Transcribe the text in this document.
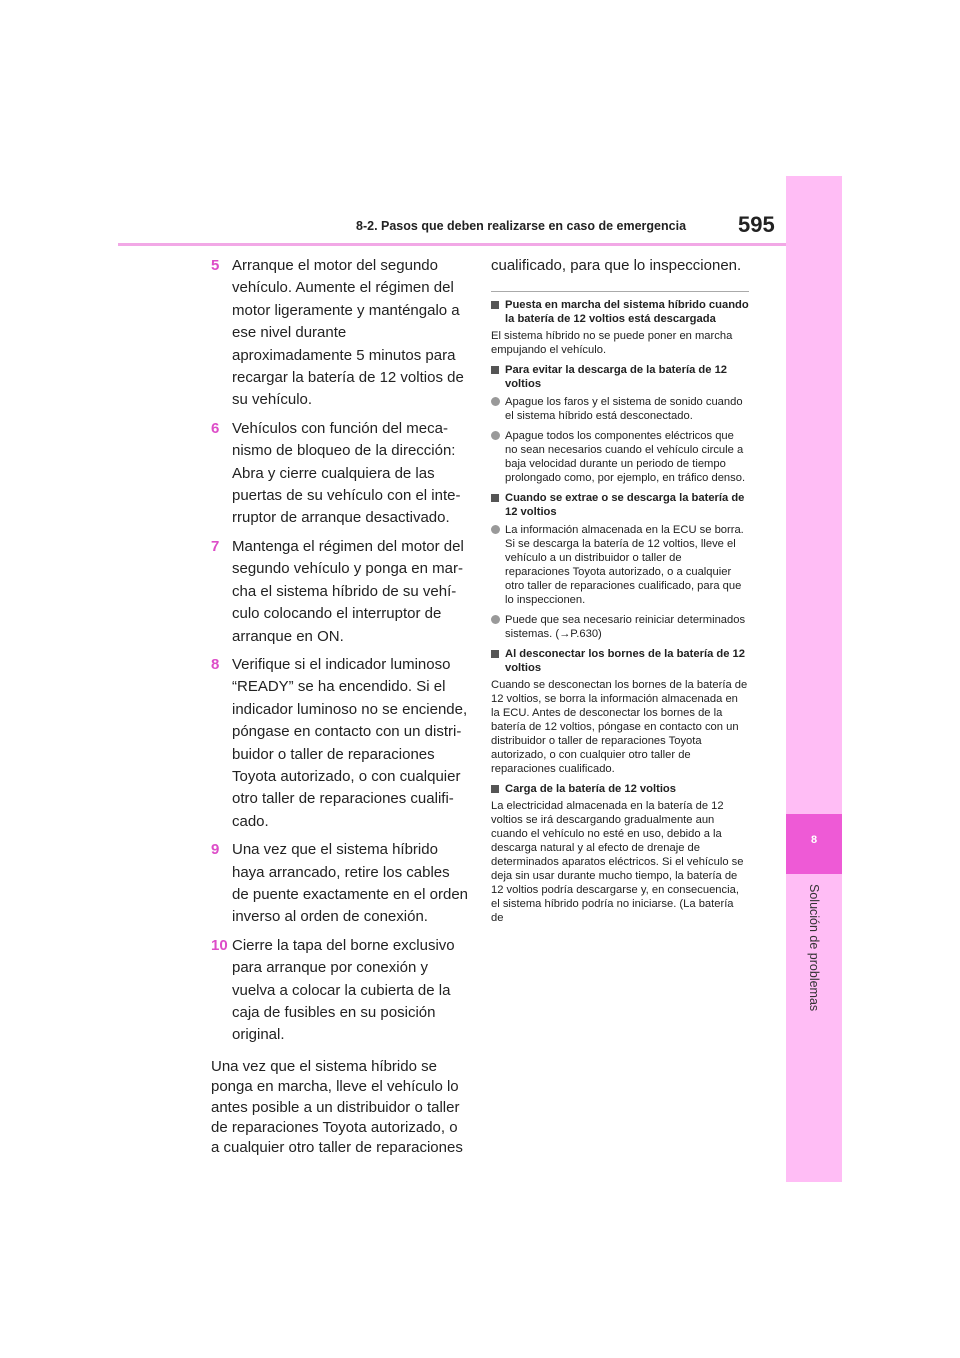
8
Solución de problemas
8-2. Pasos que deben realizarse en caso de emergencia 595
5 Arranque el motor del segundo vehículo. Aumente el régimen del motor ligeramente y manténgalo a ese nivel durante aproximadamente 5 minutos para recargar la batería de 12 voltios de su vehículo.
6 Vehículos con función del mecanismo de bloqueo de la dirección: Abra y cierre cualquiera de las puertas de su vehículo con el interruptor de arranque desactivado.
7 Mantenga el régimen del motor del segundo vehículo y ponga en marcha el sistema híbrido de su vehículo colocando el interruptor de arranque en ON.
8 Verifique si el indicador luminoso “READY” se ha encendido. Si el indicador luminoso no se enciende, póngase en contacto con un distribuidor o taller de reparaciones Toyota autorizado, o con cualquier otro taller de reparaciones cualificado.
9 Una vez que el sistema híbrido haya arrancado, retire los cables de puente exactamente en el orden inverso al orden de conexión.
10 Cierre la tapa del borne exclusivo para arranque por conexión y vuelva a colocar la cubierta de la caja de fusibles en su posición original.
Una vez que el sistema híbrido se ponga en marcha, lleve el vehículo lo antes posible a un distribuidor o taller de reparaciones Toyota autorizado, o a cualquier otro taller de reparaciones
cualificado, para que lo inspeccionen.
Puesta en marcha del sistema híbrido cuando la batería de 12 voltios está descargada
El sistema híbrido no se puede poner en marcha empujando el vehículo.
Para evitar la descarga de la batería de 12 voltios
Apague los faros y el sistema de sonido cuando el sistema híbrido está desconectado.
Apague todos los componentes eléctricos que no sean necesarios cuando el vehículo circule a baja velocidad durante un periodo de tiempo prolongado como, por ejemplo, en tráfico denso.
Cuando se extrae o se descarga la batería de 12 voltios
La información almacenada en la ECU se borra. Si se descarga la batería de 12 voltios, lleve el vehículo a un distribuidor o taller de reparaciones Toyota autorizado, o a cualquier otro taller de reparaciones cualificado, para que lo inspeccionen.
Puede que sea necesario reiniciar determinados sistemas. (→P.630)
Al desconectar los bornes de la batería de 12 voltios
Cuando se desconectan los bornes de la batería de 12 voltios, se borra la información almacenada en la ECU. Antes de desconectar los bornes de la batería de 12 voltios, póngase en contacto con un distribuidor o taller de reparaciones Toyota autorizado, o con cualquier otro taller de reparaciones cualificado.
Carga de la batería de 12 voltios
La electricidad almacenada en la batería de 12 voltios se irá descargando gradualmente aun cuando el vehículo no esté en uso, debido a la descarga natural y al efecto de drenaje de determinados aparatos eléctricos. Si el vehículo se deja sin usar durante mucho tiempo, la batería de 12 voltios podría descargarse y, en consecuencia, el sistema híbrido podría no iniciarse. (La batería de
